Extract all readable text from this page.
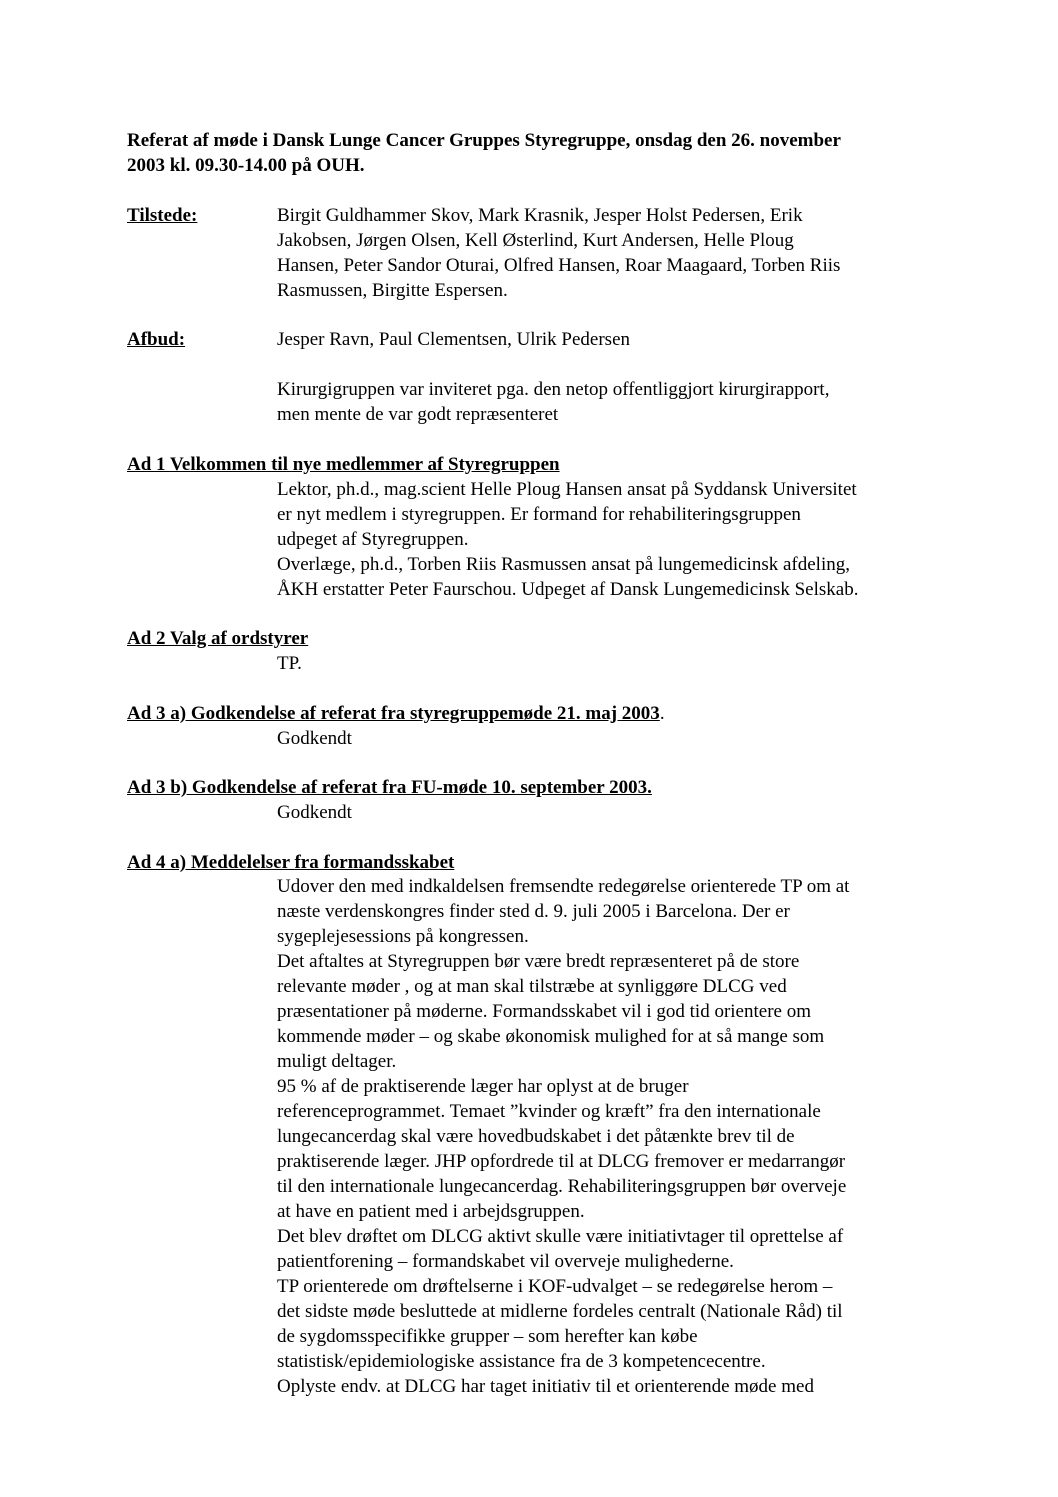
Referat af møde i Dansk Lunge Cancer Gruppes Styregruppe, onsdag den 26. november
2003 kl. 09.30-14.00 på OUH.
Tilstede:	Birgit Guldhammer Skov, Mark Krasnik, Jesper Holst Pedersen, Erik
Jakobsen, Jørgen Olsen, Kell Østerlind, Kurt Andersen, Helle Ploug
Hansen, Peter Sandor Oturai, Olfred Hansen, Roar Maagaard, Torben Riis
Rasmussen, Birgitte Espersen.
Afbud:	Jesper Ravn, Paul Clementsen, Ulrik Pedersen
Kirurgigruppen var inviteret pga. den netop offentliggjort kirurgirapport,
men mente de var godt repræsenteret
Ad 1 Velkommen til nye medlemmer af Styregruppen
Lektor, ph.d., mag.scient Helle Ploug Hansen ansat på Syddansk Universitet
er nyt medlem i styregruppen. Er formand for rehabiliteringsgruppen
udpeget af Styregruppen.
Overlæge, ph.d., Torben Riis Rasmussen ansat på lungemedicinsk afdeling,
ÅKH erstatter Peter Faurschou. Udpeget af Dansk Lungemedicinsk Selskab.
Ad 2 Valg af ordstyrer
TP.
Ad 3 a) Godkendelse af referat fra styregruppemøde 21. maj 2003.
Godkendt
Ad 3 b) Godkendelse af referat fra FU-møde 10. september 2003.
Godkendt
Ad 4 a) Meddelelser fra formandsskabet
Udover den med indkaldelsen fremsendte redegørelse orienterede TP om at
næste verdenskongres finder sted d. 9. juli 2005 i Barcelona. Der er
sygeplejesessions på kongressen.
Det aftaltes at Styregruppen bør være bredt repræsenteret på de store
relevante møder , og at man skal tilstræbe at synliggøre DLCG ved
præsentationer på møderne. Formandsskabet vil i god tid orientere om
kommende møder – og skabe økonomisk mulighed for at så mange som
muligt deltager.
95 % af de praktiserende læger har oplyst at de bruger
referenceprogrammet. Temaet ”kvinder og kræft” fra den internationale
lungecancerdag skal være hovedbudskabet i det påtænkte brev til de
praktiserende læger. JHP opfordrede til at DLCG fremover er medarrangør
til den internationale lungecancerdag. Rehabiliteringsgruppen bør overveje
at have en patient med i arbejdsgruppen.
Det blev drøftet om DLCG aktivt skulle være initiativtager til oprettelse af
patientforening – formandskabet vil overveje mulighederne.
TP orienterede om drøftelserne i KOF-udvalget – se redegørelse herom –
det sidste møde besluttede at midlerne fordeles centralt (Nationale Råd) til
de sygdomsspecifikke grupper – som herefter kan købe
statistisk/epidemiologiske assistance fra de 3 kompetencecentre.
Oplyste endv. at DLCG har taget initiativ til et orienterende møde med
